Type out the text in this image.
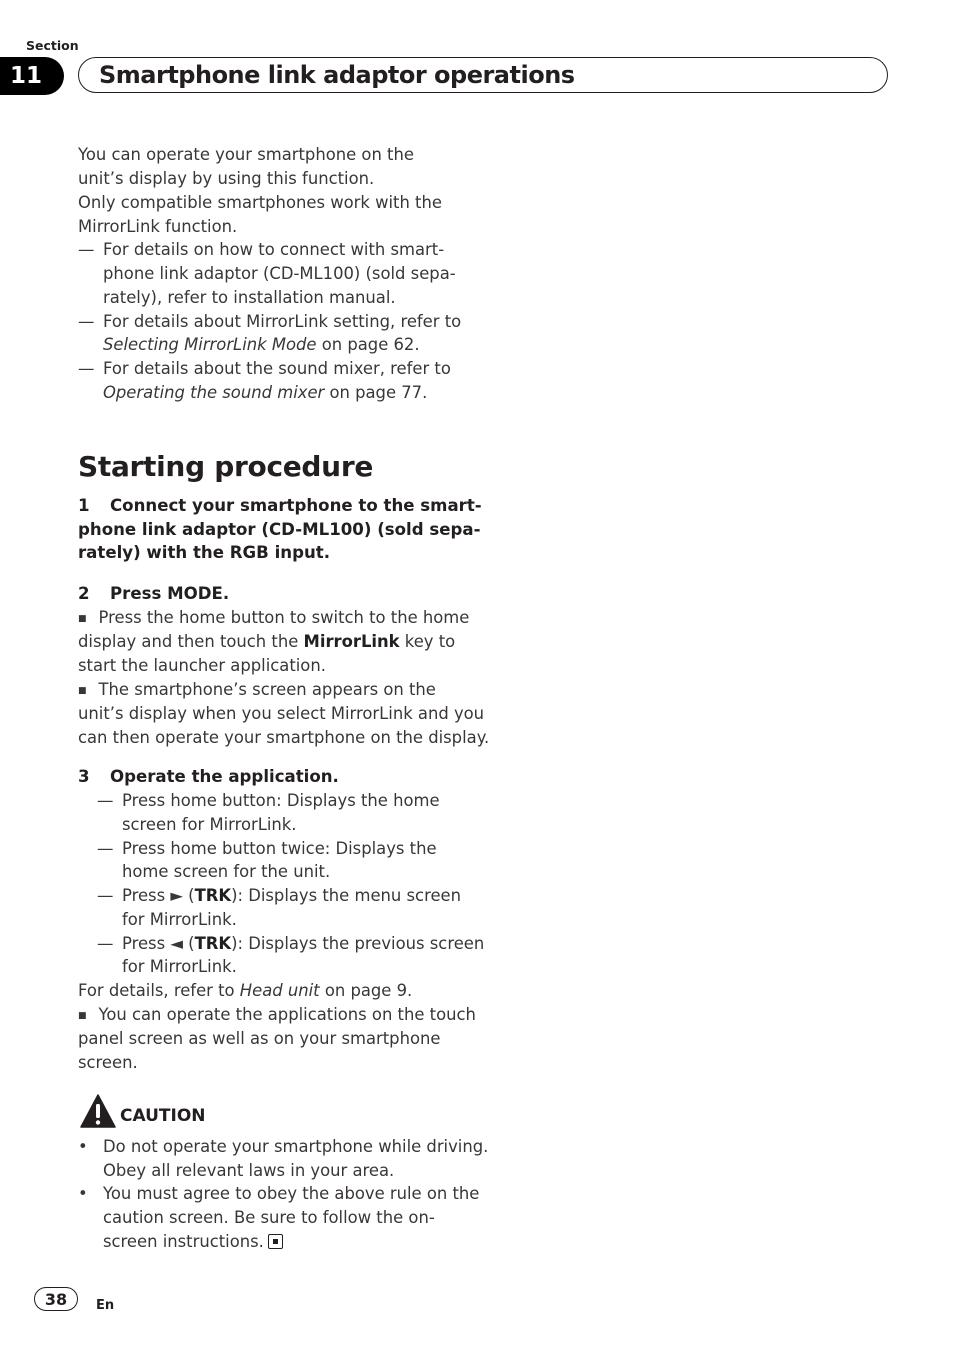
Section
11	Smartphone link adaptor operations
You can operate your smartphone on the
unit’s display by using this function.
Only compatible smartphones work with the
MirrorLink function.
— For details on how to connect with smart-
phone link adaptor (CD-ML100) (sold sepa-
rately), refer to installation manual.
— For details about MirrorLink setting, refer to
Selecting MirrorLink Mode on page 62.
— For details about the sound mixer, refer to
Operating the sound mixer on page 77.
Starting procedure
1 Connect your smartphone to the smart-
phone link adaptor (CD-ML100) (sold sepa-
rately) with the RGB input.
2 Press MODE.
■ Press the home button to switch to the home
display and then touch the MirrorLink key to
start the launcher application.
■ The smartphone’s screen appears on the
unit’s display when you select MirrorLink and you
can then operate your smartphone on the display.
3 Operate the application.
— Press home button: Displays the home
screen for MirrorLink.
— Press home button twice: Displays the
home screen for the unit.
— Press ► (TRK): Displays the menu screen
for MirrorLink.
— Press ◄ (TRK): Displays the previous screen
for MirrorLink.
For details, refer to Head unit on page 9.
■ You can operate the applications on the touch
panel screen as well as on your smartphone
screen.
CAUTION
• Do not operate your smartphone while driving.
Obey all relevant laws in your area.
• You must agree to obey the above rule on the
caution screen. Be sure to follow the on-
screen instructions.
38	En
